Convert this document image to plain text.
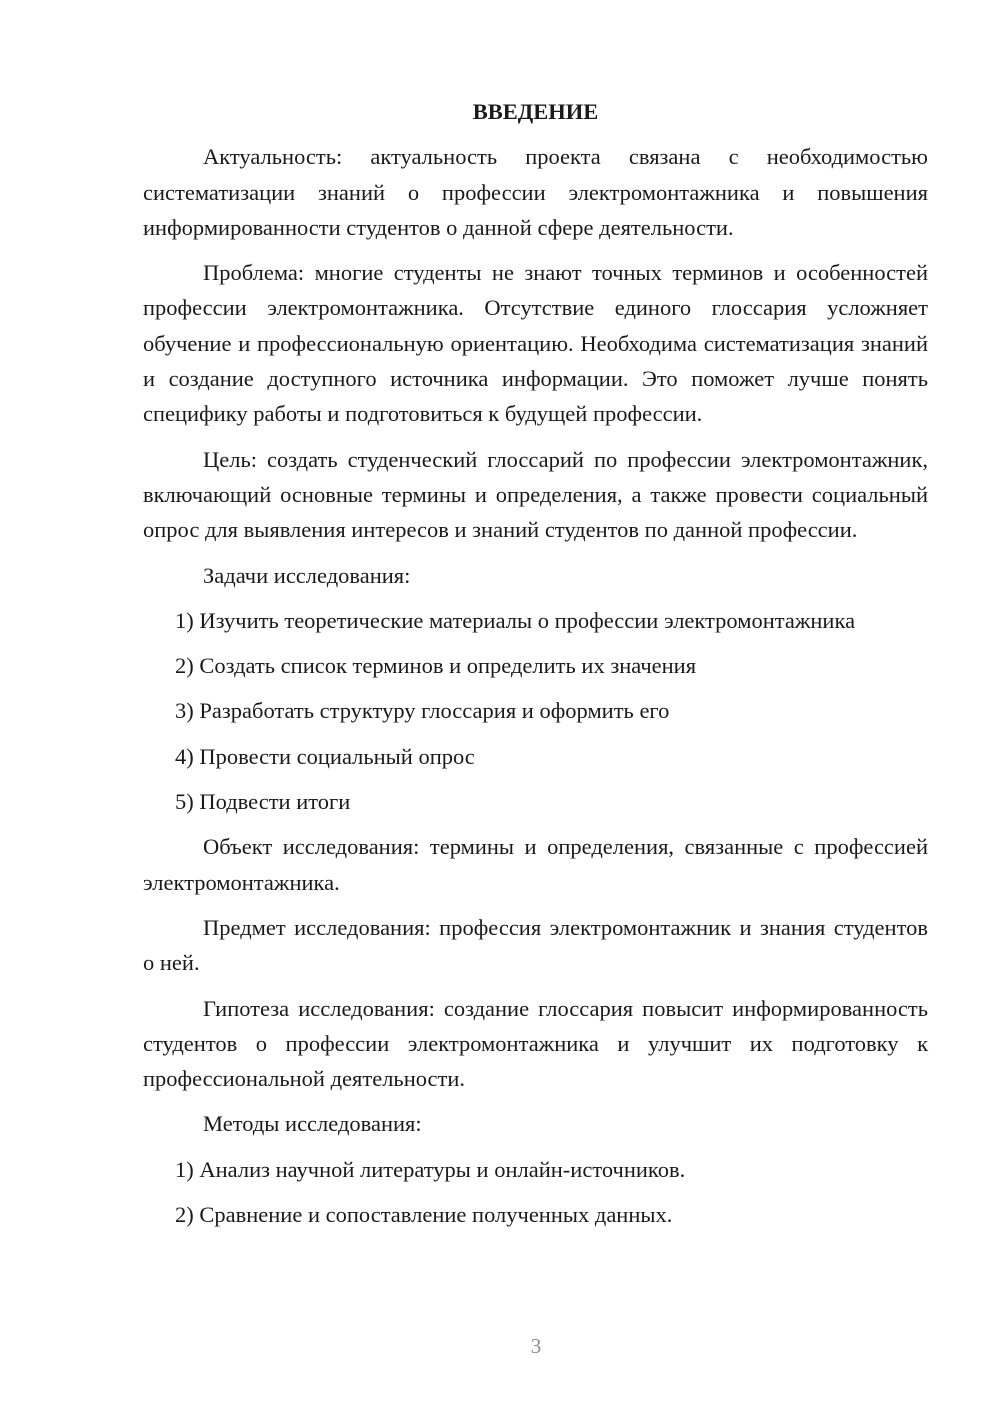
ВВЕДЕНИЕ

Актуальность: актуальность проекта связана с необходимостью систематизации знаний о профессии электромонтажника и повышения информированности студентов о данной сфере деятельности.

Проблема: многие студенты не знают точных терминов и особенностей профессии электромонтажника. Отсутствие единого глоссария усложняет обучение и профессиональную ориентацию. Необходима систематизация знаний и создание доступного источника информации. Это поможет лучше понять специфику работы и подготовиться к будущей профессии.

Цель: создать студенческий глоссарий по профессии электромонтажник, включающий основные термины и определения, а также провести социальный опрос для выявления интересов и знаний студентов по данной профессии.

Задачи исследования:

1) Изучить теоретические материалы о профессии электромонтажника

2) Создать список терминов и определить их значения

3) Разработать структуру глоссария и оформить его

4) Провести социальный опрос

5) Подвести итоги

Объект исследования: термины и определения, связанные с профессией электромонтажника.

Предмет исследования: профессия электромонтажник и знания студентов о ней.

Гипотеза исследования: создание глоссария повысит информированность студентов о профессии электромонтажника и улучшит их подготовку к профессиональной деятельности.

Методы исследования:

1) Анализ научной литературы и онлайн-источников.

2) Сравнение и сопоставление полученных данных.

3
